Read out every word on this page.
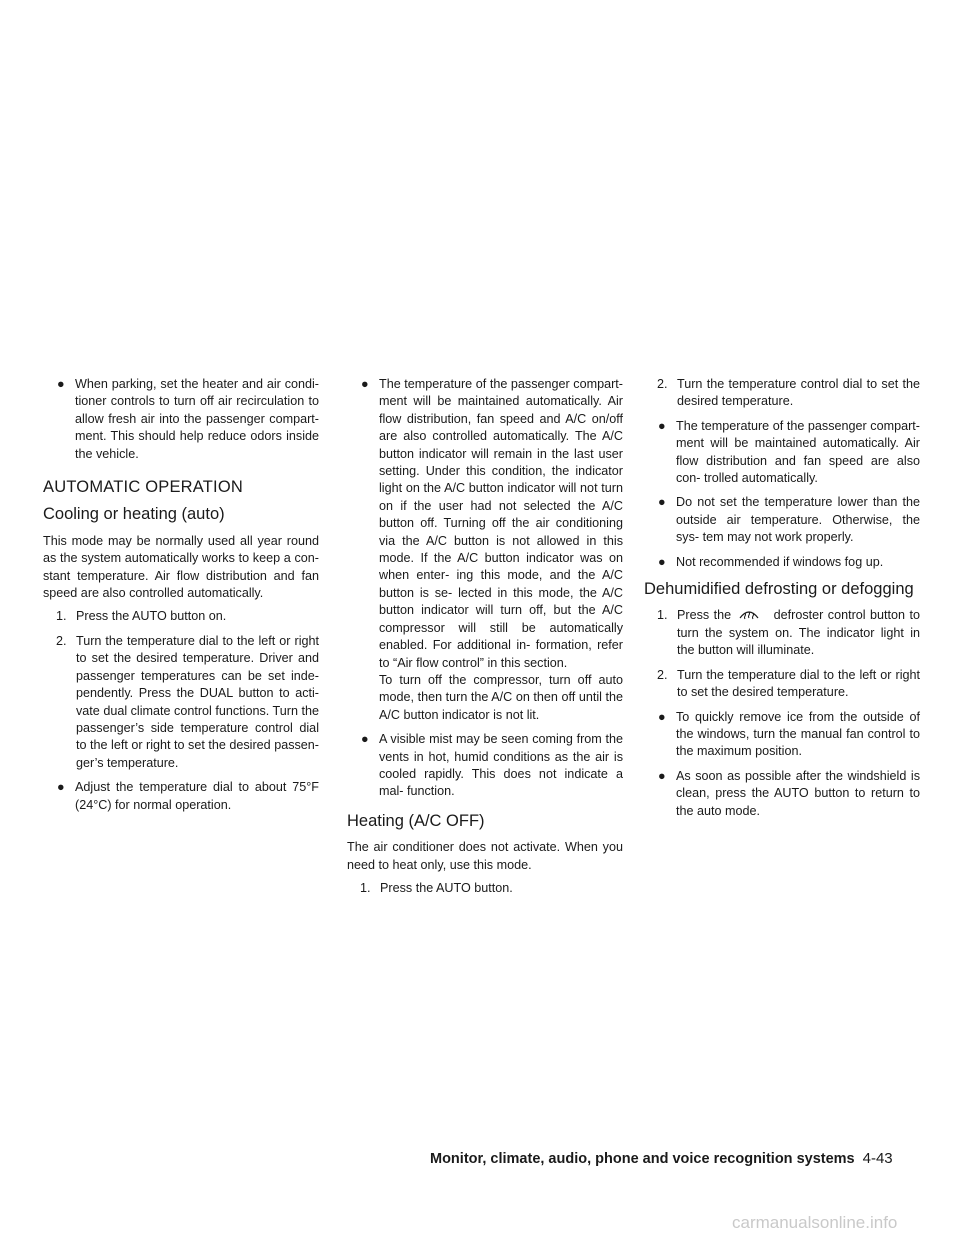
● When parking, set the heater and air condi- tioner controls to turn off air recirculation to allow fresh air into the passenger compart- ment. This should help reduce odors inside the vehicle.
AUTOMATIC OPERATION
Cooling or heating (auto)

This mode may be normally used all year round as the system automatically works to keep a con- stant temperature. Air flow distribution and fan speed are also controlled automatically.

1. Press the AUTO button on.
2. Turn the temperature dial to the left or right to set the desired temperature. Driver and passenger temperatures can be set inde- pendently. Press the DUAL button to acti- vate dual climate control functions. Turn the passenger’s side temperature control dial to the left or right to set the desired passen- ger’s temperature.
● Adjust the temperature dial to about 75°F (24°C) for normal operation.
● The temperature of the passenger compart- ment will be maintained automatically. Air flow distribution, fan speed and A/C on/off are also controlled automatically. The A/C button indicator will remain in the last user setting. Under this condition, the indicator light on the A/C button indicator will not turn on if the user had not selected the A/C button off. Turning off the air conditioning via the A/C button is not allowed in this mode. If the A/C button indicator was on when enter- ing this mode, and the A/C button is se- lected in this mode, the A/C button indicator will turn off, but the A/C compressor will still be automatically enabled. For additional in- formation, refer to “Air flow control” in this section.
To turn off the compressor, turn off auto mode, then turn the A/C on then off until the A/C button indicator is not lit.
● A visible mist may be seen coming from the vents in hot, humid conditions as the air is cooled rapidly. This does not indicate a mal- function.
Heating (A/C OFF)

The air conditioner does not activate. When you need to heat only, use this mode.

1. Press the AUTO button.
2. Turn the temperature control dial to set the desired temperature.
● The temperature of the passenger compart- ment will be maintained automatically. Air flow distribution and fan speed are also con- trolled automatically.
● Do not set the temperature lower than the outside air temperature. Otherwise, the sys- tem may not work properly.
● Not recommended if windows fog up.
Dehumidified defrosting or defogging
1. Press the	defroster control button to turn the system on. The indicator light in the button will illuminate.
2. Turn the temperature dial to the left or right to set the desired temperature.
● To quickly remove ice from the outside of the windows, turn the manual fan control to the maximum position.
● As soon as possible after the windshield is clean, press the AUTO button to return to the auto mode.
Monitor, climate, audio, phone and voice recognition systems 4-43
carmanualsonline.info
